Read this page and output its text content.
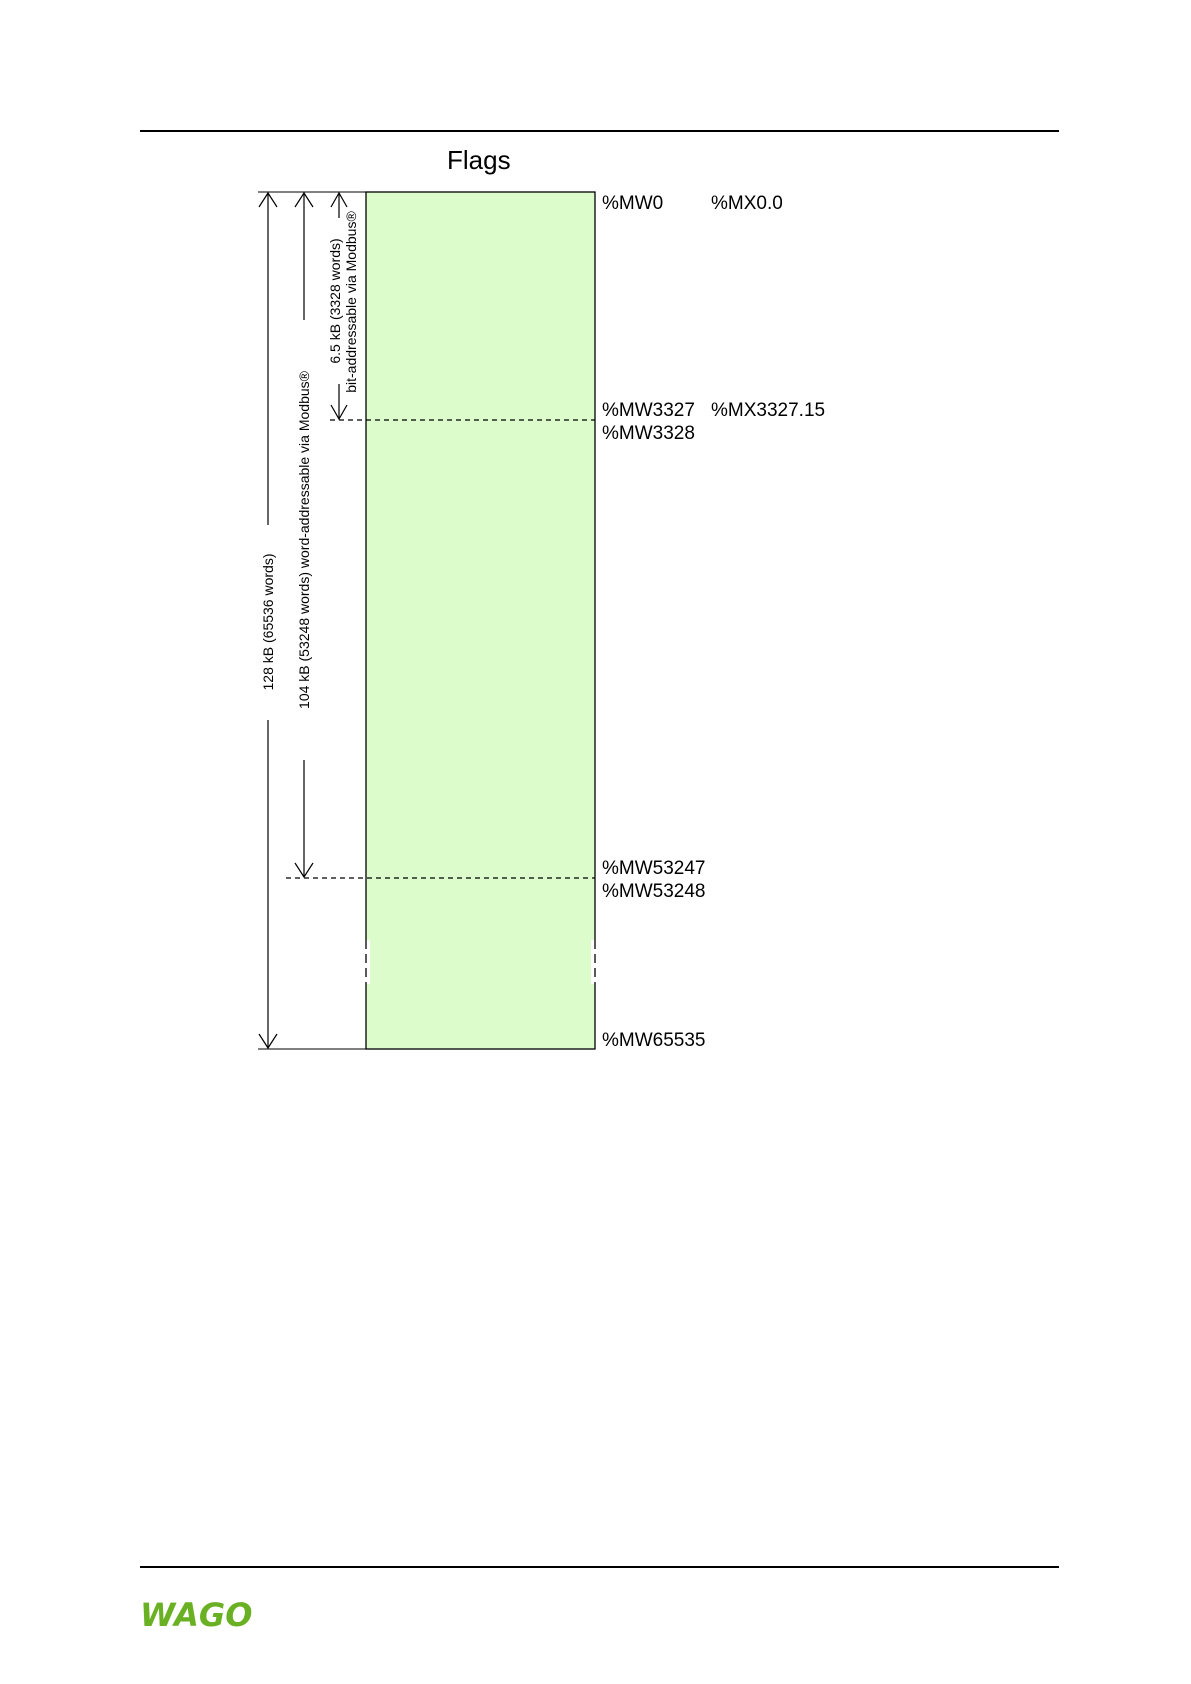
Flags
%MW0	%MX0.0
%MW3327 %MX3327.15
%MW3328
%MW53247
%MW53248
%MW65535
128 kB (65536 words) 104 kB (53248 words) word-addressable via Modbus®
6.5 kB (3328 words) bit-addressable via Modbus®
WAGO
